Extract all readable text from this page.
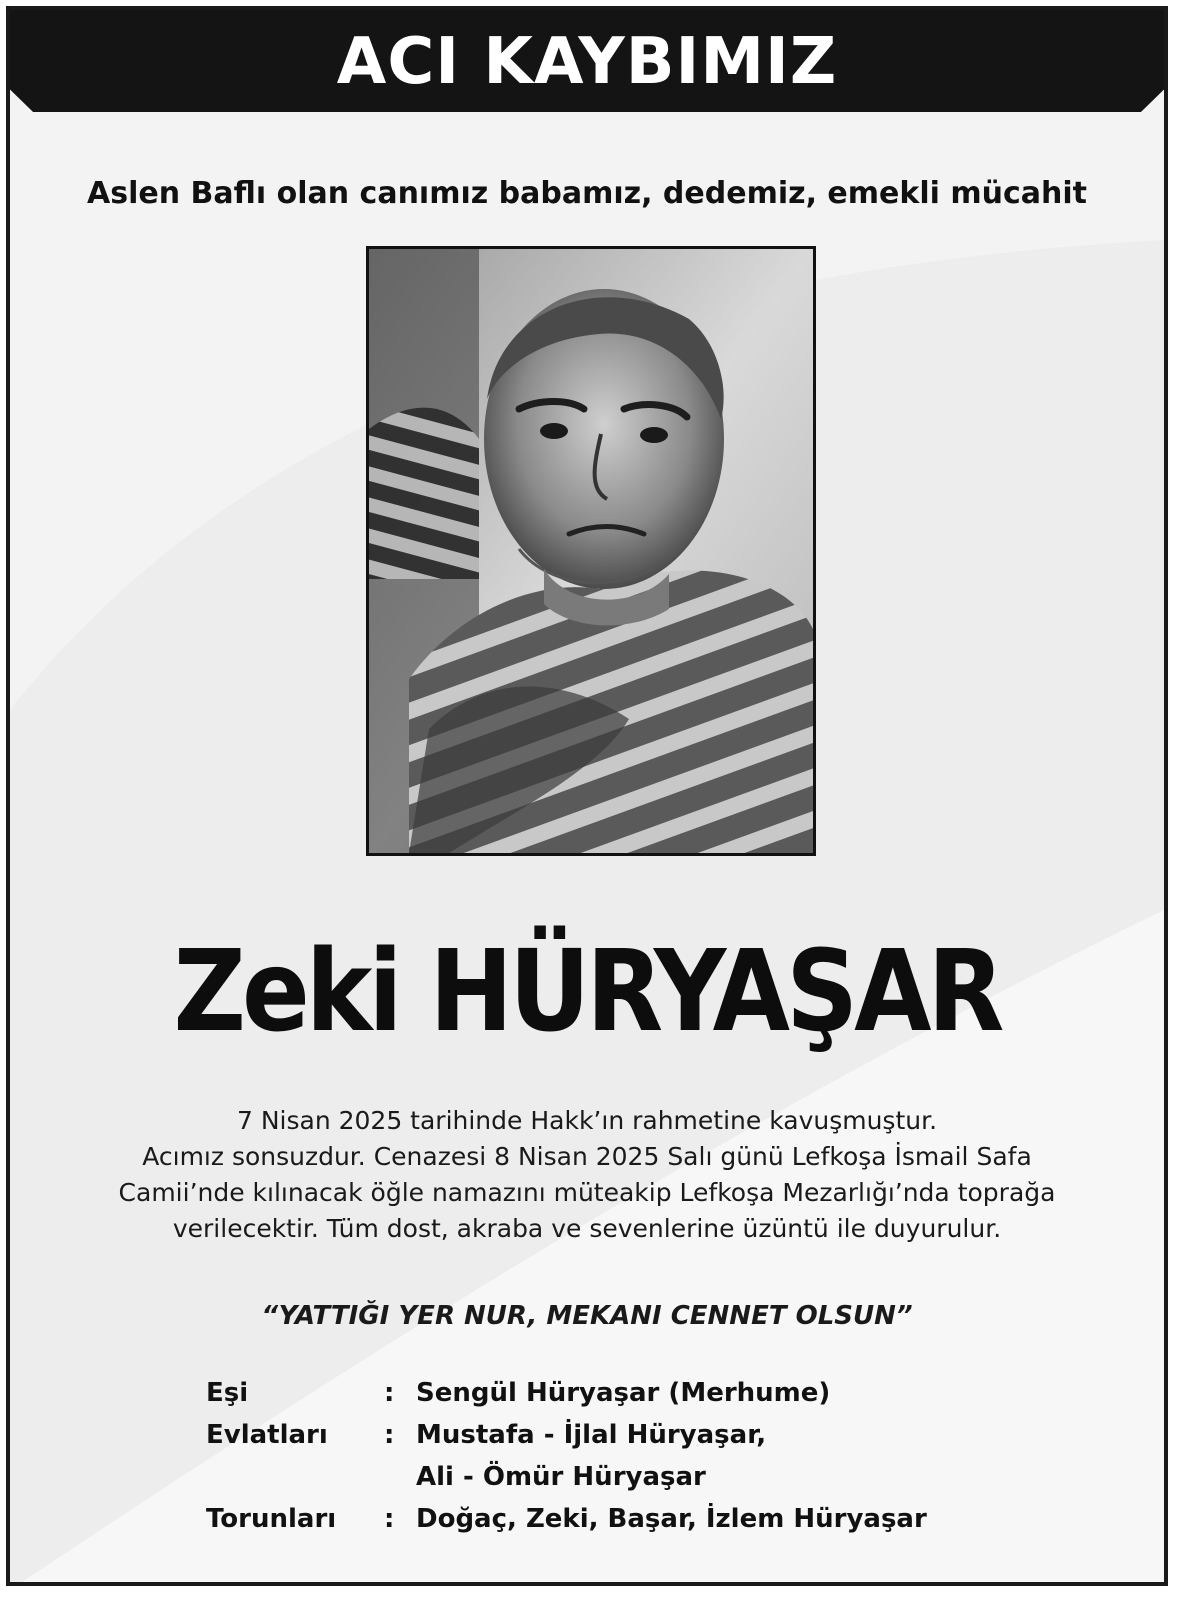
ACI KAYBIMIZ
Aslen Baflı olan canımız babamız, dedemiz, emekli mücahit
Zeki HÜRYAŞAR
7 Nisan 2025 tarihinde Hakk’ın rahmetine kavuşmuştur.
Acımız sonsuzdur. Cenazesi 8 Nisan 2025 Salı günü Lefkoşa İsmail Safa
Camii’nde kılınacak öğle namazını müteakip Lefkoşa Mezarlığı’nda toprağa
verilecektir. Tüm dost, akraba ve sevenlerine üzüntü ile duyurulur.
“YATTIĞI YER NUR, MEKANI CENNET OLSUN”
Eşi	: Sengül Hüryaşar (Merhume)
Evlatları : Mustafa - İjlal Hüryaşar,
Ali - Ömür Hüryaşar
Torunları : Doğaç, Zeki, Başar, İzlem Hüryaşar
